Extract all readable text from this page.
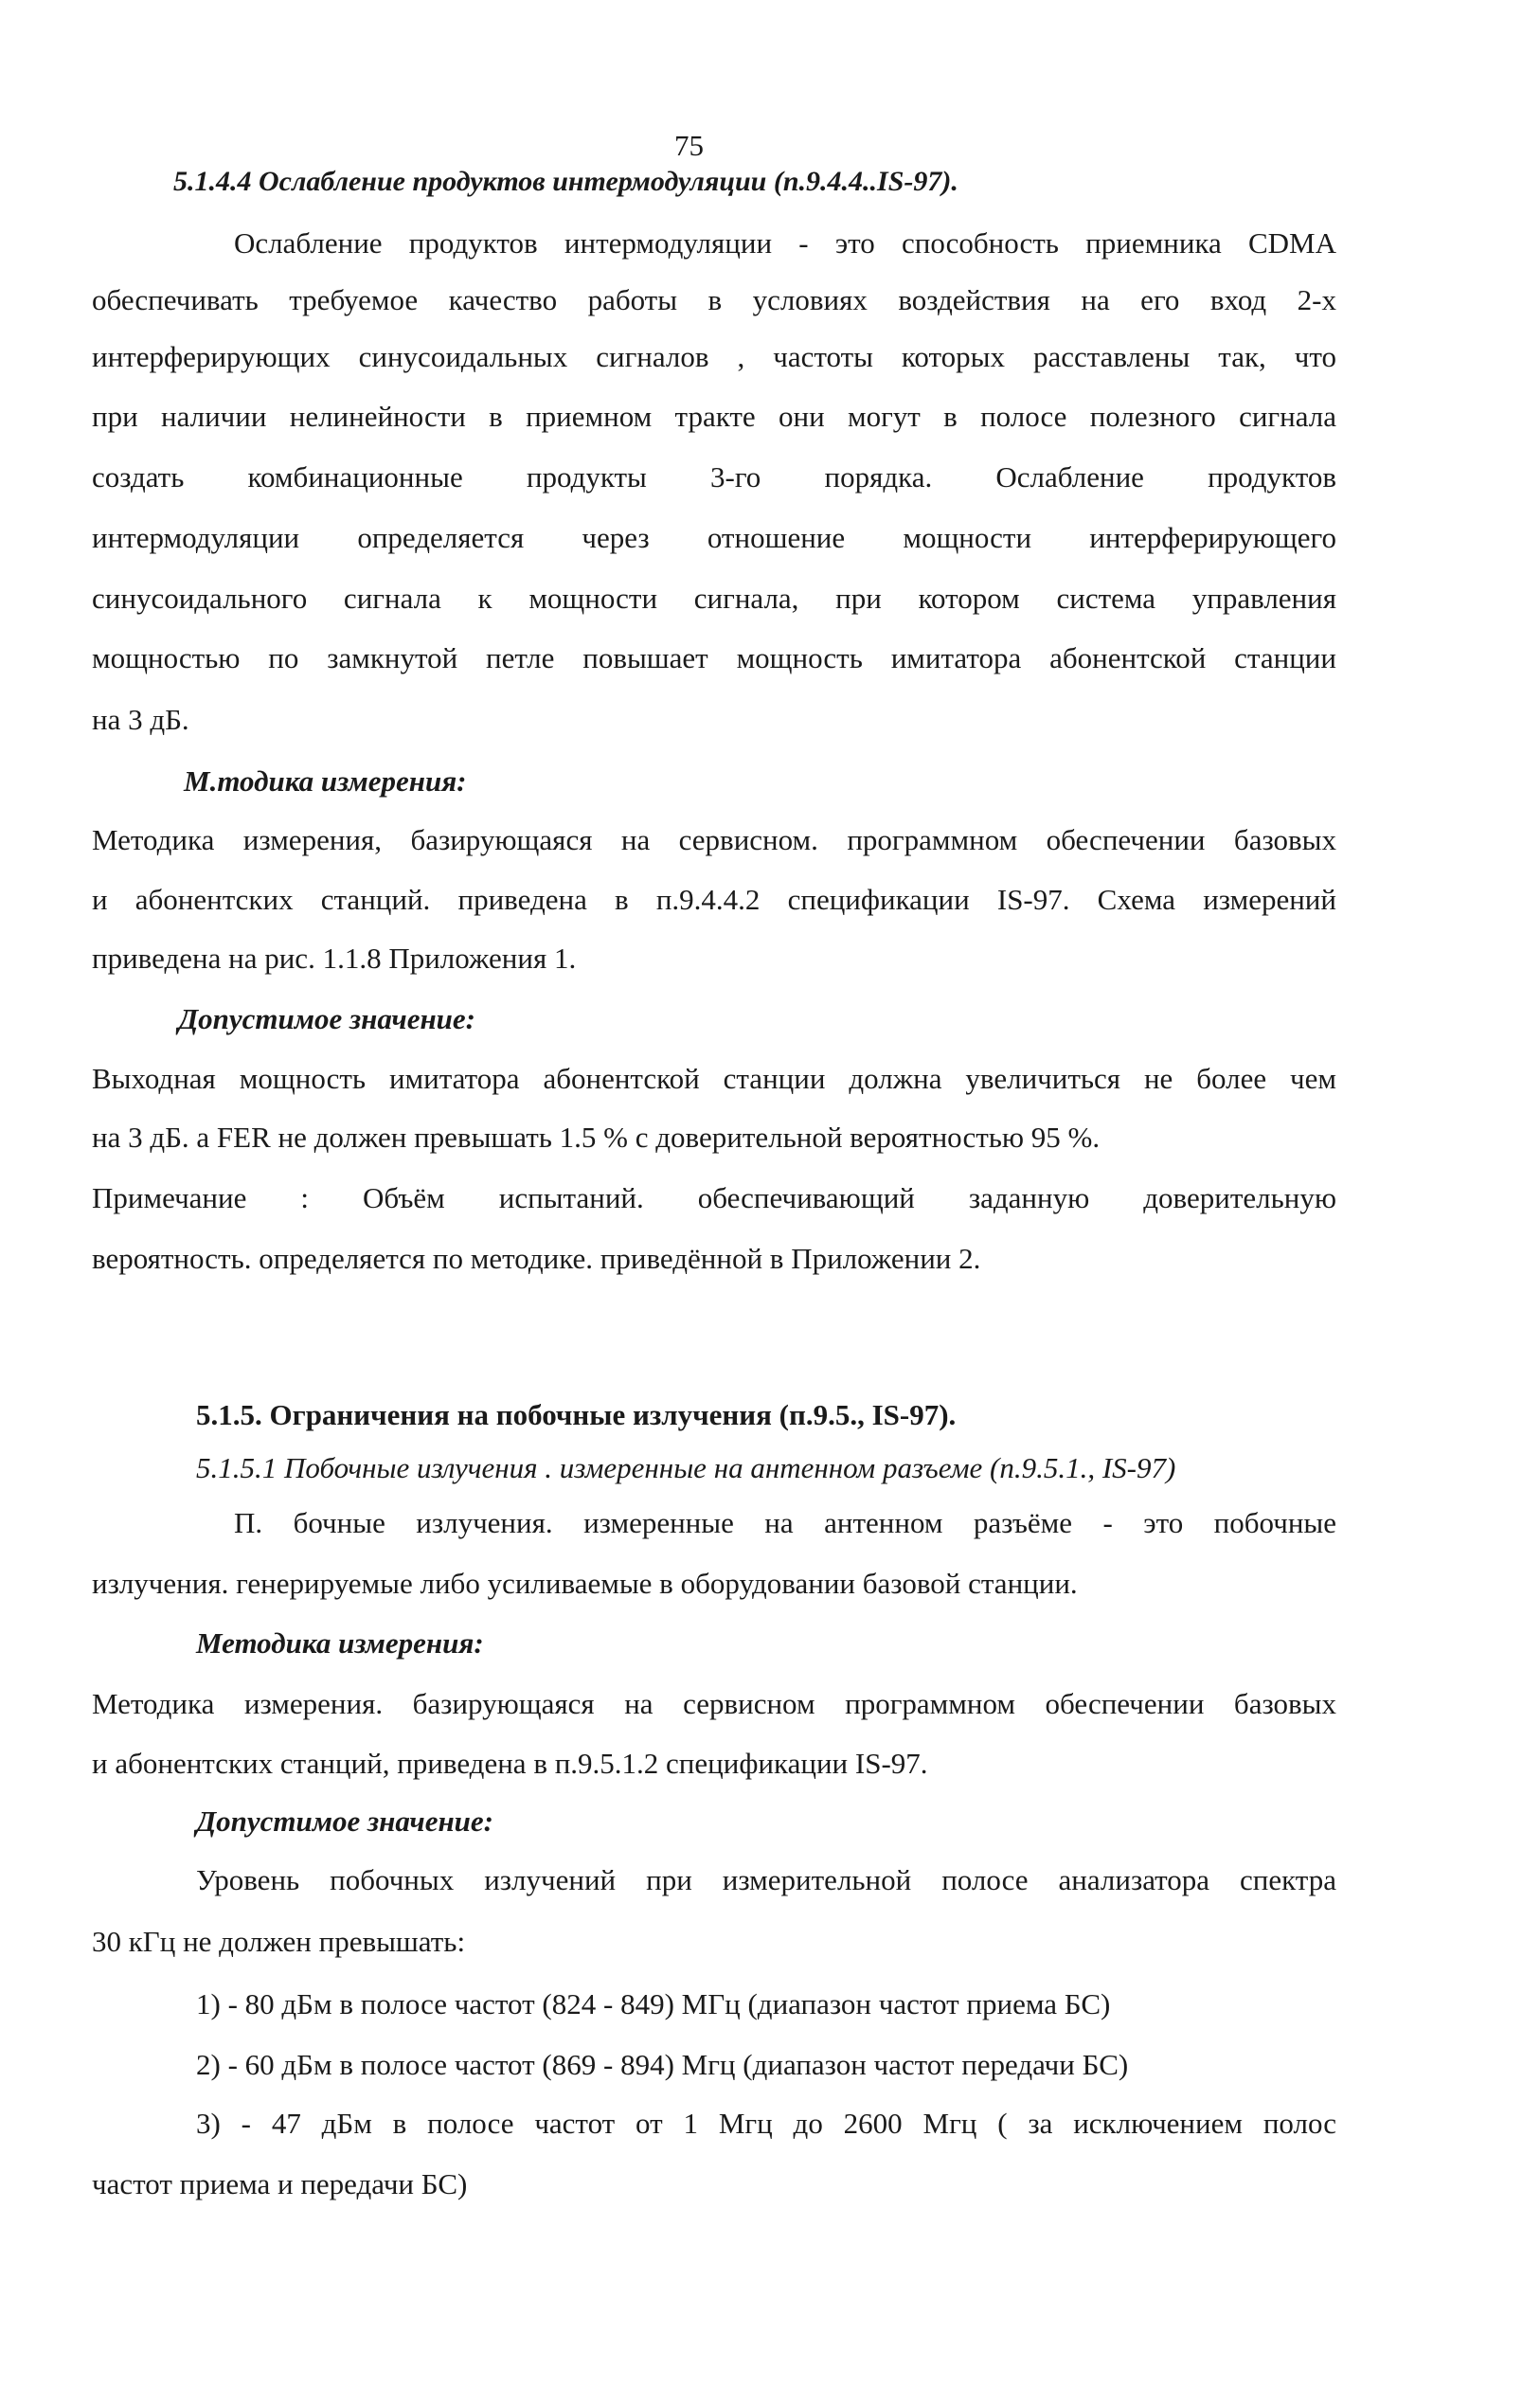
75
5.1.4.4 Ослабление продуктов интермодуляции (п.9.4.4..IS-97).
Ослабление продуктов интермодуляции - это способность приемника CDMA
обеспечивать требуемое качество работы в условиях воздействия на его вход 2-х
интерферирующих синусоидальных сигналов , частоты которых расставлены так, что
при наличии нелинейности в приемном тракте они могут в полосе полезного сигнала
создать комбинационные продукты 3-го порядка. Ослабление продуктов
интермодуляции определяется через отношение мощности интерферирующего
синусоидального сигнала к мощности сигнала, при котором система управления
мощностью по замкнутой петле повышает мощность имитатора абонентской станции
на 3 дБ.
М.тодика измерения:
Методика измерения, базирующаяся на сервисном. программном обеспечении базовых
и абонентских станций. приведена в п.9.4.4.2 спецификации IS-97. Схема измерений
приведена на рис. 1.1.8 Приложения 1.
Допустимое значение:
Выходная мощность имитатора абонентской станции должна увеличиться не более чем
на 3 дБ. а FER не должен превышать 1.5 % с доверительной вероятностью 95 %.
Примечание : Объём испытаний. обеспечивающий заданную доверительную
вероятность. определяется по методике. приведённой в Приложении 2.
5.1.5. Ограничения на побочные излучения (п.9.5., IS-97).
5.1.5.1 Побочные излучения . измеренные на антенном разъеме (п.9.5.1., IS-97)
П. бочные излучения. измеренные на антенном разъёме - это побочные
излучения. генерируемые либо усиливаемые в оборудовании базовой станции.
Методика измерения:
Методика измерения. базирующаяся на сервисном программном обеспечении базовых
и абонентских станций, приведена в п.9.5.1.2 спецификации IS-97.
Допустимое значение:
Уровень побочных излучений при измерительной полосе анализатора спектра
30 кГц не должен превышать:
1) - 80 дБм в полосе частот (824 - 849) МГц (диапазон частот приема БС)
2) - 60 дБм в полосе частот (869 - 894) Мгц (диапазон частот передачи БС)
3) - 47 дБм в полосе частот от 1 Мгц до 2600 Мгц ( за исключением полос
частот приема и передачи БС)
